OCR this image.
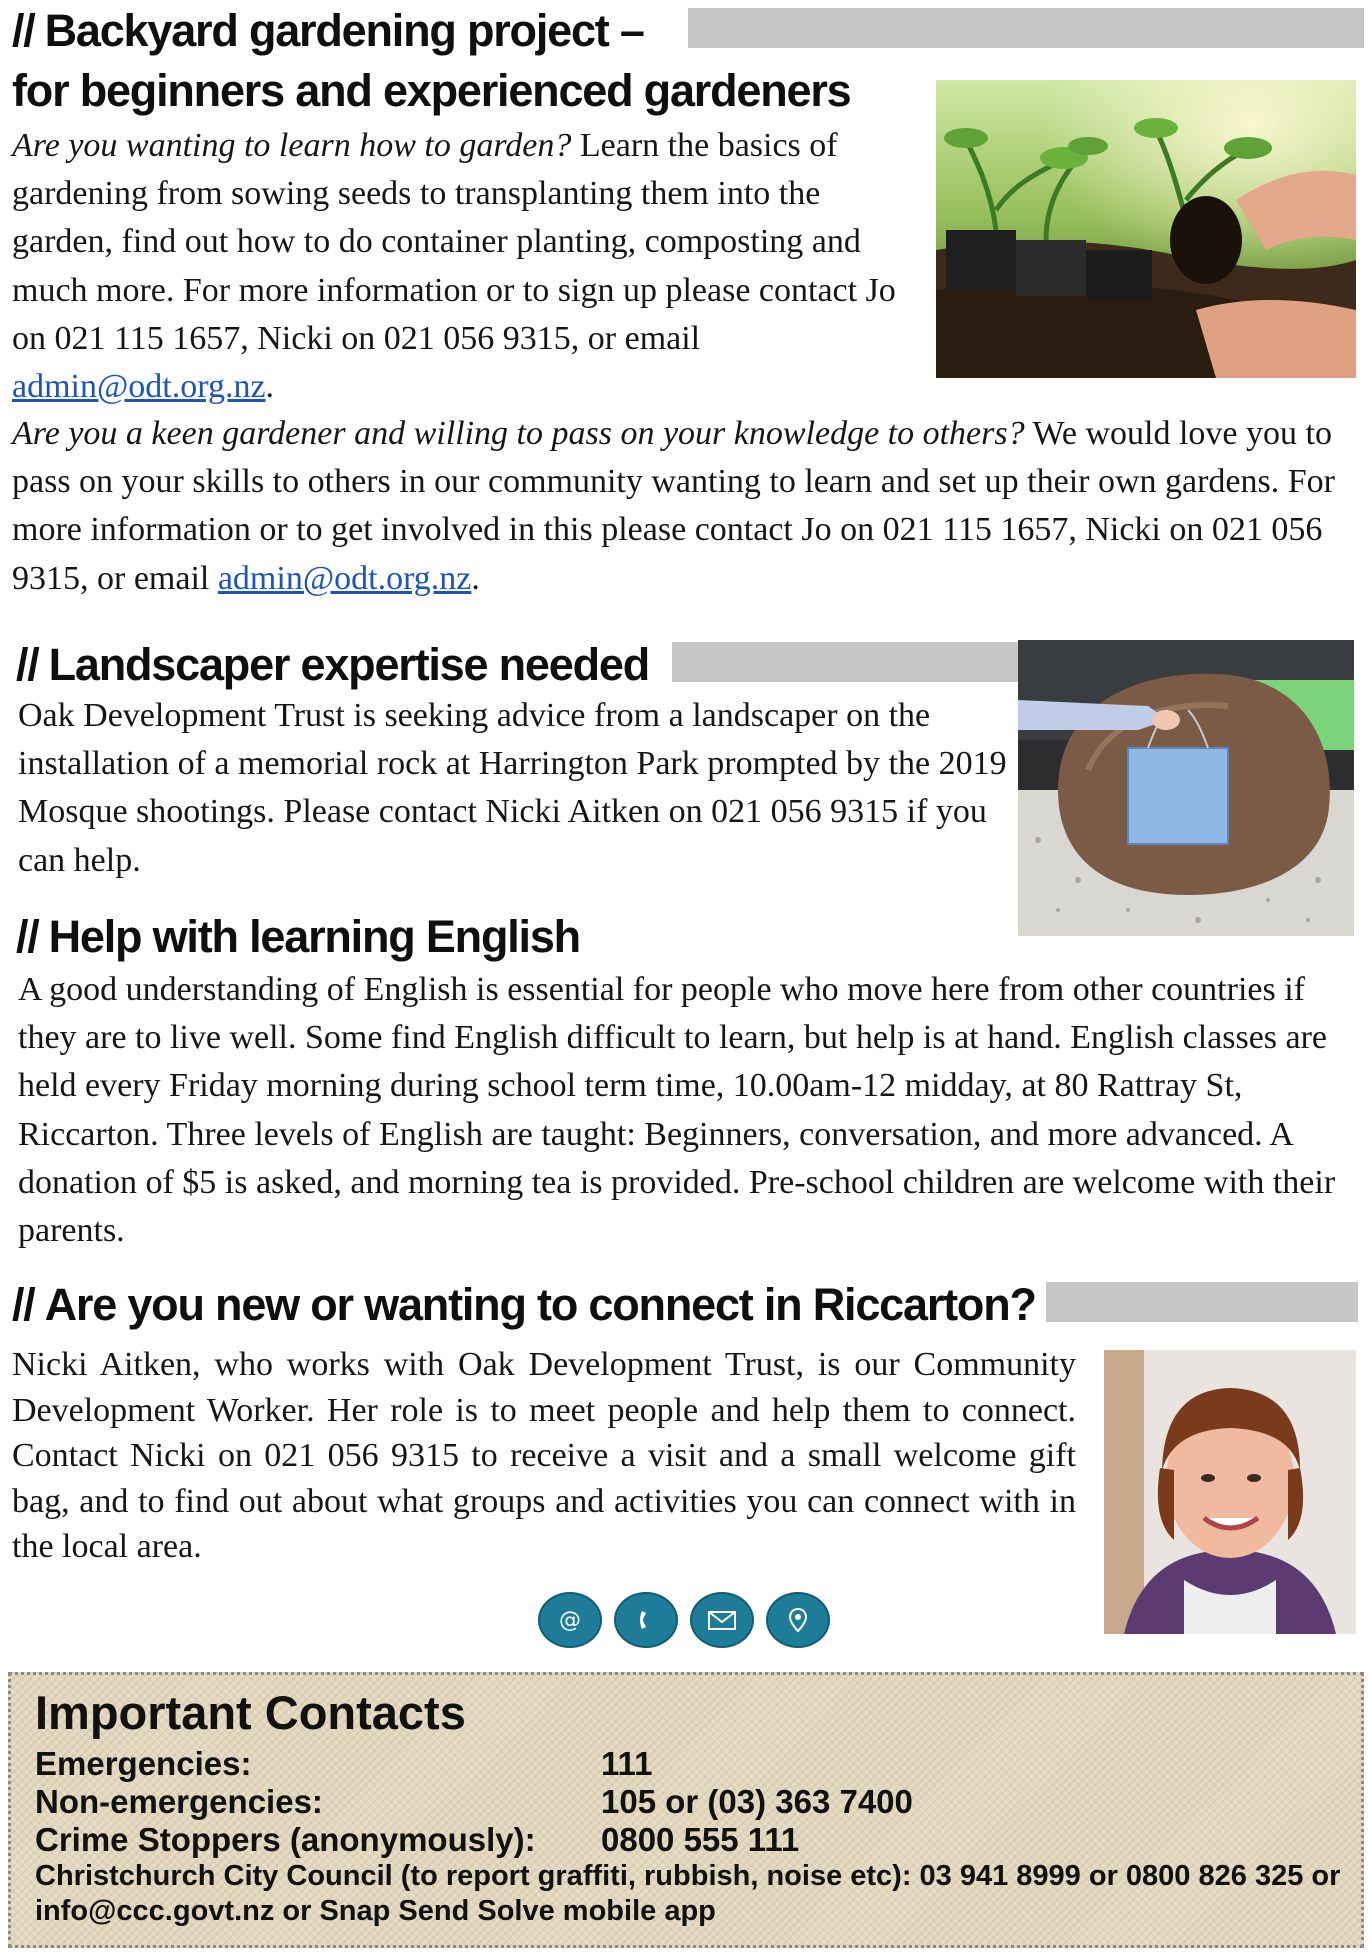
// Backyard gardening project –
for beginners and experienced gardeners

Are you wanting to learn how to garden? Learn the basics of gardening from sowing seeds to transplanting them into the garden, find out how to do container planting, composting and much more. For more information or to sign up please contact Jo on 021 115 1657, Nicki on 021 056 9315, or email admin@odt.org.nz.

Are you a keen gardener and willing to pass on your knowledge to others? We would love you to pass on your skills to others in our community wanting to learn and set up their own gardens. For more information or to get involved in this please contact Jo on 021 115 1657, Nicki on 021 056 9315, or email admin@odt.org.nz.

// Landscaper expertise needed

Oak Development Trust is seeking advice from a landscaper on the installation of a memorial rock at Harrington Park prompted by the 2019 Mosque shootings. Please contact Nicki Aitken on 021 056 9315 if you can help.

// Help with learning English

A good understanding of English is essential for people who move here from other countries if they are to live well. Some find English difficult to learn, but help is at hand. English classes are held every Friday morning during school term time, 10.00am-12 midday, at 80 Rattray St, Riccarton. Three levels of English are taught: Beginners, conversation, and more advanced. A donation of $5 is asked, and morning tea is provided. Pre-school children are welcome with their parents.

// Are you new or wanting to connect in Riccarton?

Nicki Aitken, who works with Oak Development Trust, is our Community Development Worker. Her role is to meet people and help them to connect. Contact Nicki on 021 056 9315 to receive a visit and a small welcome gift bag, and to find out about what groups and activities you can connect with in the local area.

@
Important Contacts
Emergencies:	111
Non-emergencies:	105 or (03) 363 7400
Crime Stoppers (anonymously): 0800 555 111
Christchurch City Council (to report graffiti, rubbish, noise etc): 03 941 8999 or 0800 826 325 or info@ccc.govt.nz or Snap Send Solve mobile app
